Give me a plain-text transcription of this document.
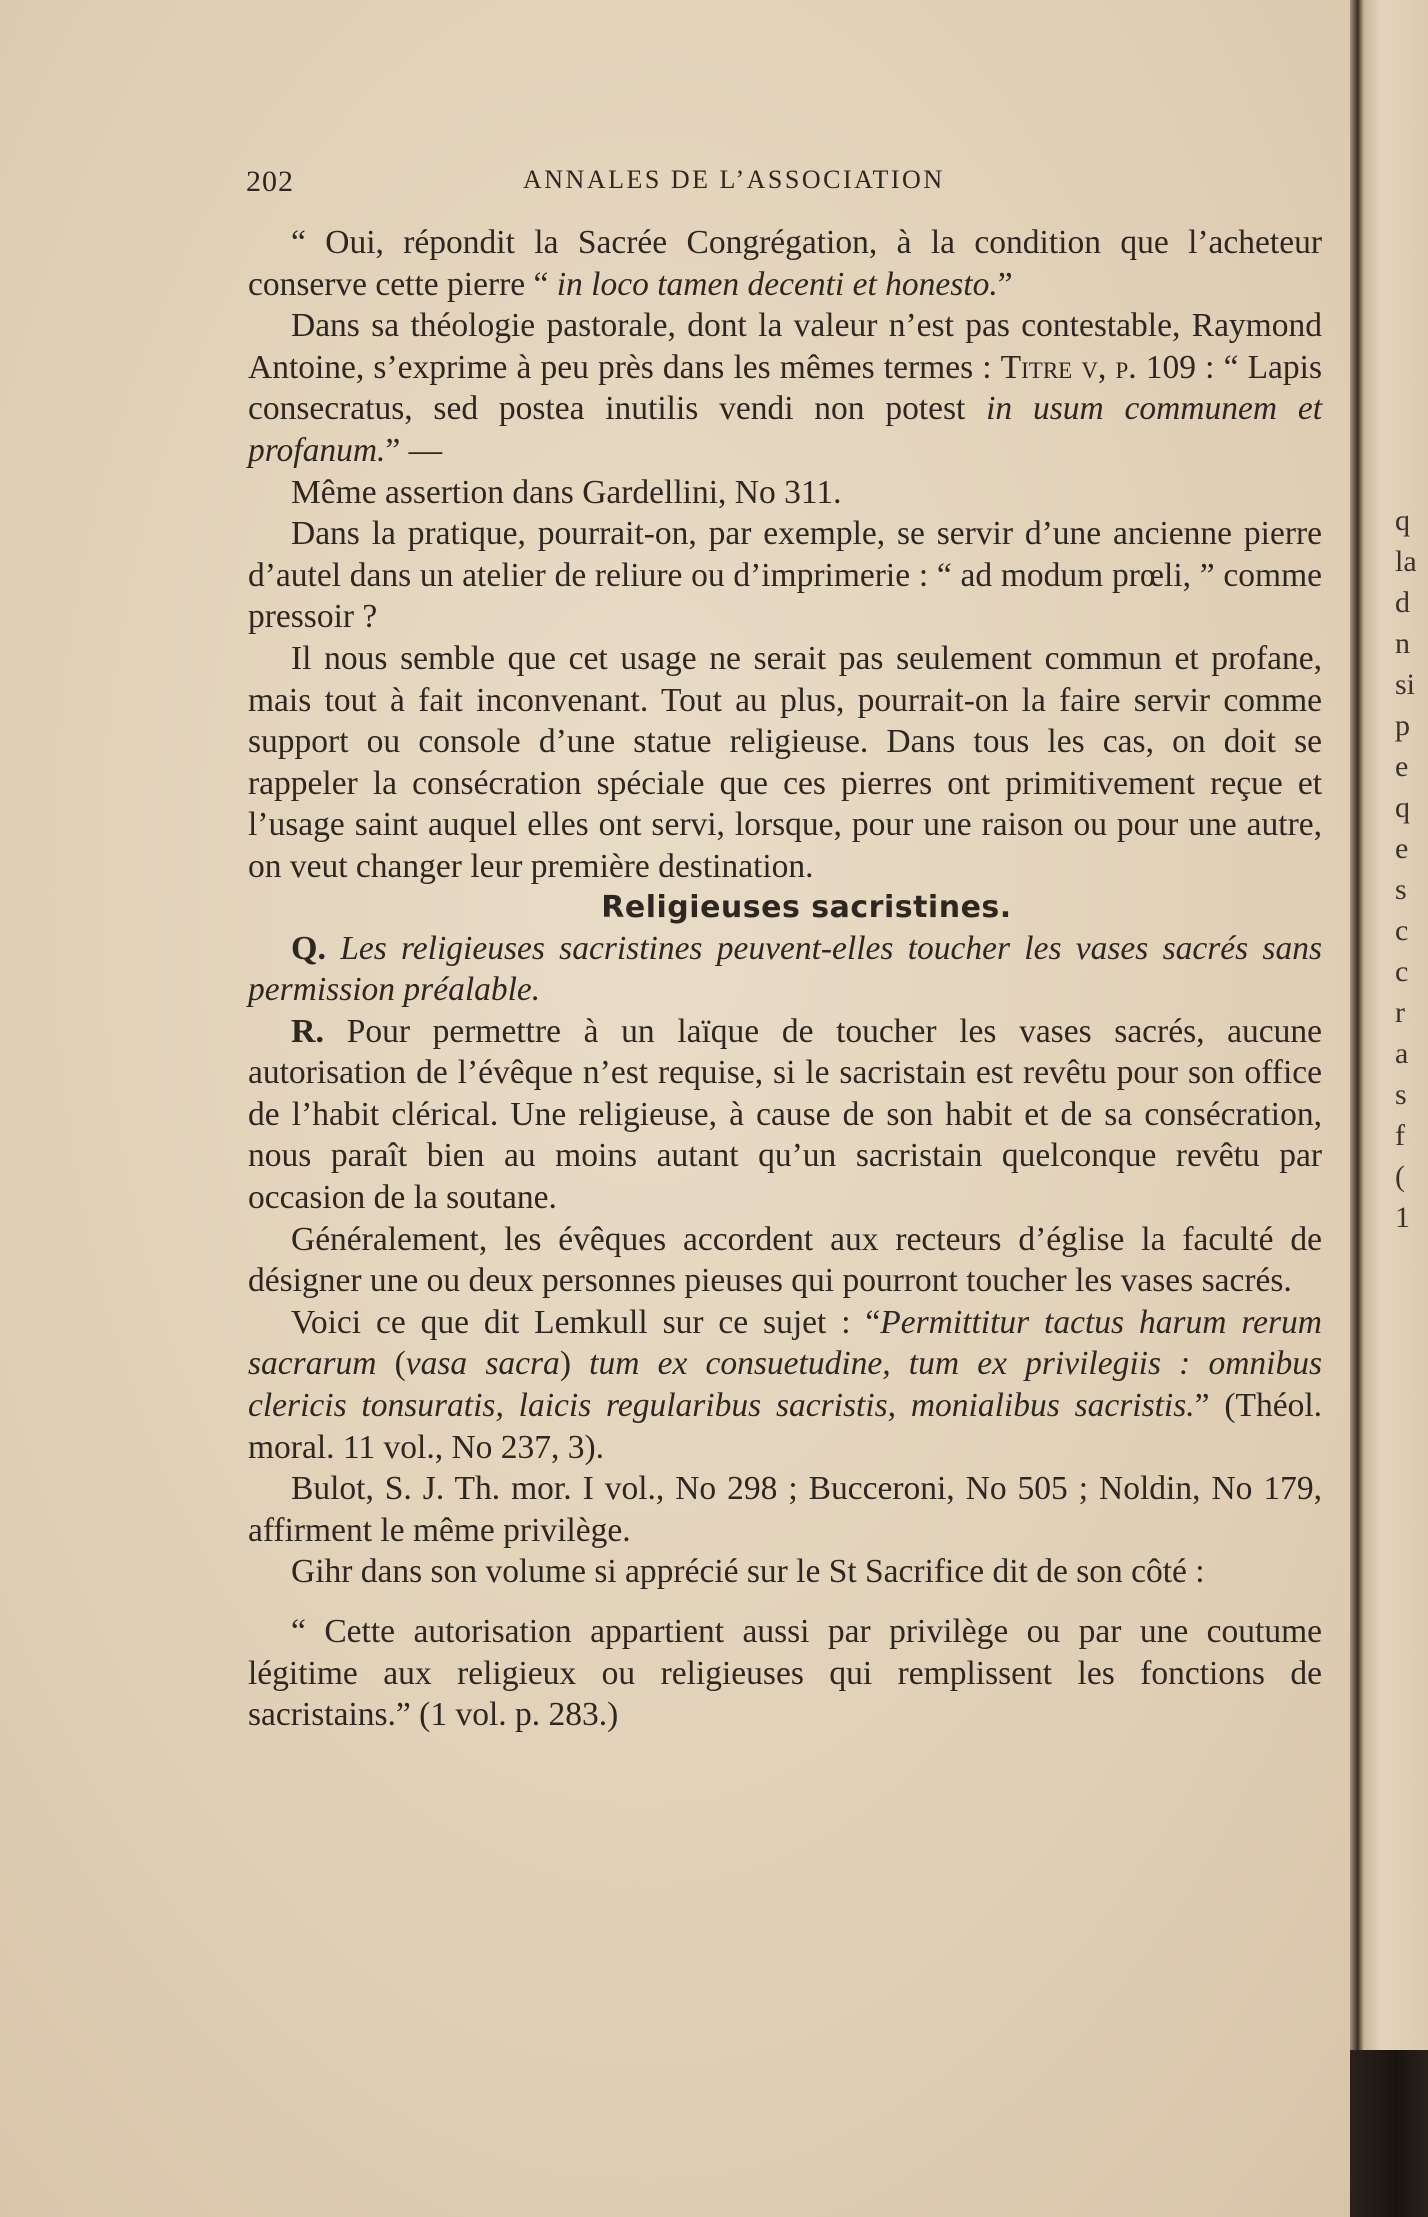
q
la
d
n
si
p
e
q
e
s
c
c
r
a
s
f
(
1
202	ANNALES DE L’ASSOCIATION

“ Oui, répondit la Sacrée Congrégation, à la condition que l’acheteur conserve cette pierre “ in loco tamen decenti et honesto.”

Dans sa théologie pastorale, dont la valeur n’est pas contestable, Raymond Antoine, s’exprime à peu près dans les mêmes termes : Titre v, p. 109 : “ Lapis consecratus, sed postea inutilis vendi non potest in usum communem et profanum.” —

Même assertion dans Gardellini, No 311.

Dans la pratique, pourrait-on, par exemple, se servir d’une ancienne pierre d’autel dans un atelier de reliure ou d’imprimerie : “ ad modum prœli, ” comme pressoir ?

Il nous semble que cet usage ne serait pas seulement commun et profane, mais tout à fait inconvenant. Tout au plus, pourrait-on la faire servir comme support ou console d’une statue religieuse. Dans tous les cas, on doit se rappeler la consécration spéciale que ces pierres ont primitivement reçue et l’usage saint auquel elles ont servi, lorsque, pour une raison ou pour une autre, on veut changer leur première destination.

Religieuses sacristines.

Q. Les religieuses sacristines peuvent-elles toucher les vases sacrés sans permission préalable.

R. Pour permettre à un laïque de toucher les vases sacrés, aucune autorisation de l’évêque n’est requise, si le sacristain est revêtu pour son office de l’habit clérical. Une religieuse, à cause de son habit et de sa consécration, nous paraît bien au moins autant qu’un sacristain quelconque revêtu par occasion de la soutane.

Généralement, les évêques accordent aux recteurs d’église la faculté de désigner une ou deux personnes pieuses qui pourront toucher les vases sacrés.

Voici ce que dit Lemkull sur ce sujet : “Permittitur tactus harum rerum sacrarum (vasa sacra) tum ex consuetudine, tum ex privilegiis : omnibus clericis tonsuratis, laicis regularibus sacristis, monialibus sacristis.” (Théol. moral. 11 vol., No 237, 3).

Bulot, S. J. Th. mor. I vol., No 298 ; Bucceroni, No 505 ; Noldin, No 179, affirment le même privilège.

Gihr dans son volume si apprécié sur le St Sacrifice dit de son côté :

“ Cette autorisation appartient aussi par privilège ou par une coutume légitime aux religieux ou religieuses qui remplissent les fonctions de sacristains.” (1 vol. p. 283.)
